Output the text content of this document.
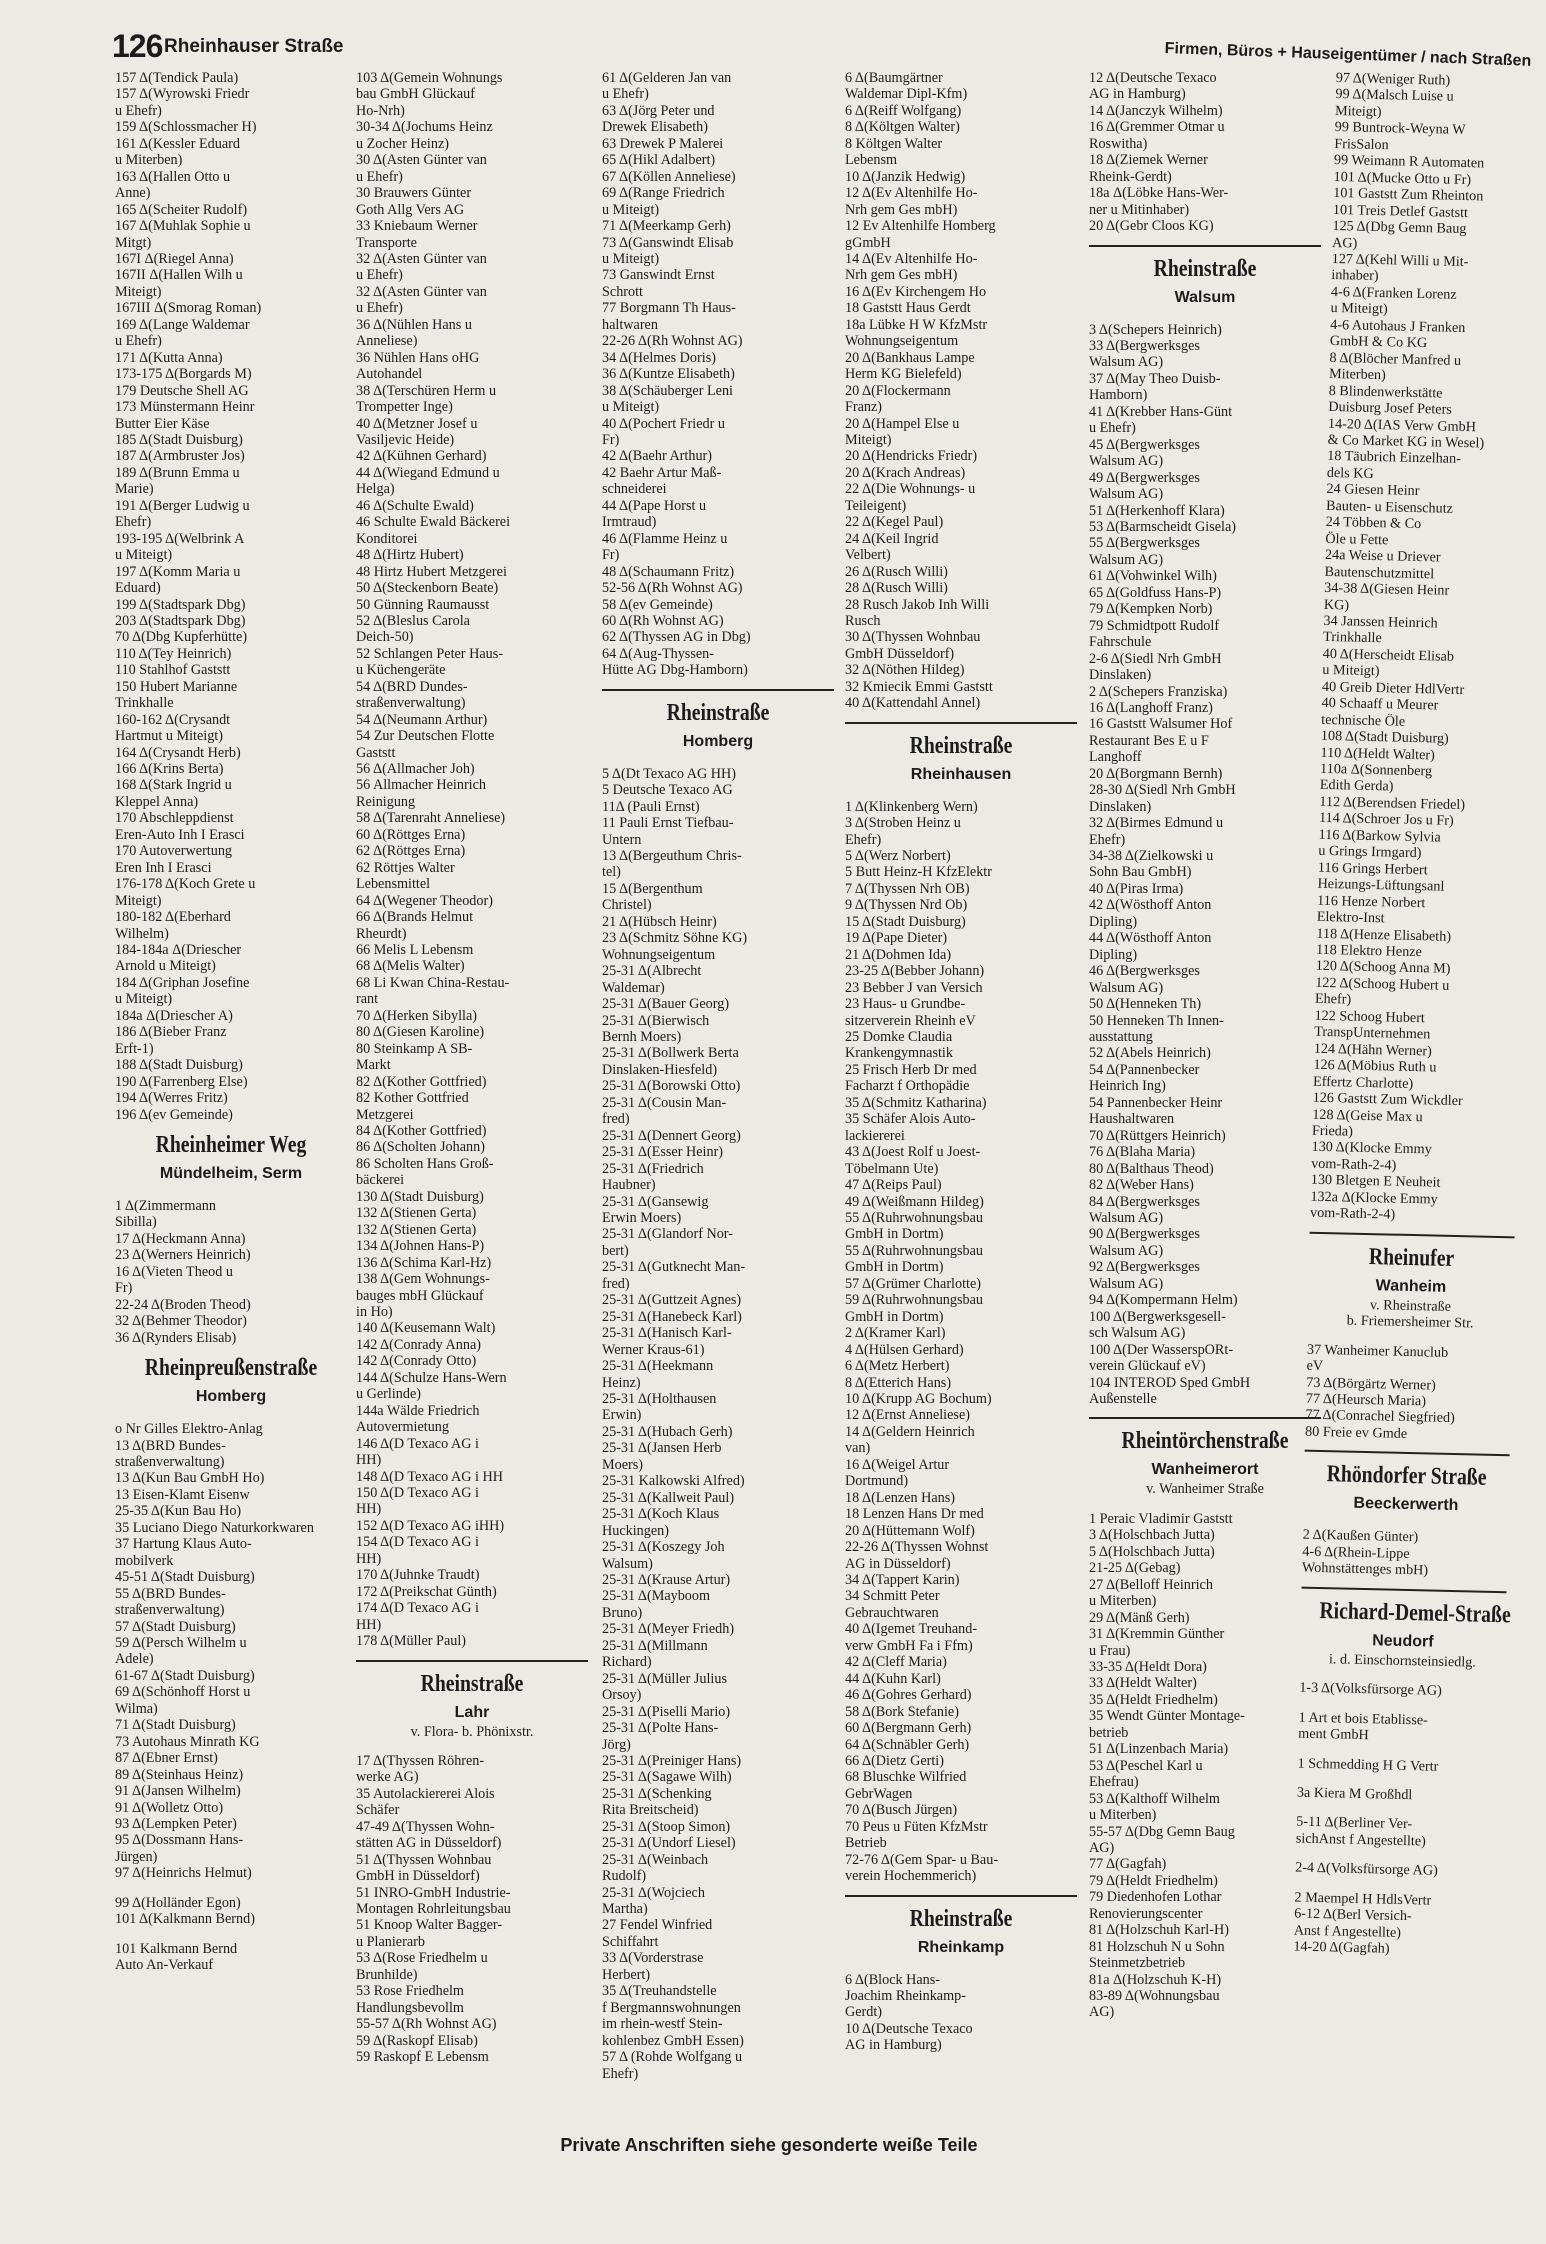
126 Rheinhauser Straße	Firmen, Büros + Hauseigentümer / nach Straßen
157 Δ(Tendick Paula)
157 Δ(Wyrowski Friedr
u Ehefr)
159 Δ(Schlossmacher H)
161 Δ(Kessler Eduard
u Miterben)
163 Δ(Hallen Otto u
Anne)
165 Δ(Scheiter Rudolf)
167 Δ(Muhlak Sophie u
Mitgt)
167I Δ(Riegel Anna)
167II Δ(Hallen Wilh u
Miteigt)
167III Δ(Smorag Roman)
169 Δ(Lange Waldemar
u Ehefr)
171 Δ(Kutta Anna)
173-175 Δ(Borgards M)
179 Deutsche Shell AG
173 Münstermann Heinr
Butter Eier Käse
185 Δ(Stadt Duisburg)
187 Δ(Armbruster Jos)
189 Δ(Brunn Emma u
Marie)
191 Δ(Berger Ludwig u
Ehefr)
193-195 Δ(Welbrink A
u Miteigt)
197 Δ(Komm Maria u
Eduard)
199 Δ(Stadtspark Dbg)
203 Δ(Stadtspark Dbg)
70 Δ(Dbg Kupferhütte)
110 Δ(Tey Heinrich)
110 Stahlhof Gaststt
150 Hubert Marianne
Trinkhalle
160-162 Δ(Crysandt
Hartmut u Miteigt)
164 Δ(Crysandt Herb)
166 Δ(Krins Berta)
168 Δ(Stark Ingrid u
Kleppel Anna)
170 Abschleppdienst
Eren-Auto Inh I Erasci
170 Autoverwertung
Eren Inh I Erasci
176-178 Δ(Koch Grete u
Miteigt)
180-182 Δ(Eberhard
Wilhelm)
184-184a Δ(Driescher
Arnold u Miteigt)
184 Δ(Griphan Josefine
u Miteigt)
184a Δ(Driescher A)
186 Δ(Bieber Franz
Erft-1)
188 Δ(Stadt Duisburg)
190 Δ(Farrenberg Else)
194 Δ(Werres Fritz)
196 Δ(ev Gemeinde)
Rheinheimer Weg
Mündelheim, Serm
1 Δ(Zimmermann
Sibilla)
17 Δ(Heckmann Anna)
23 Δ(Werners Heinrich)
16 Δ(Vieten Theod u
Fr)
22-24 Δ(Broden Theod)
32 Δ(Behmer Theodor)
36 Δ(Rynders Elisab)
Rheinpreußenstraße
Homberg
o Nr Gilles Elektro-Anlag
13 Δ(BRD Bundes-
straßenverwaltung)
13 Δ(Kun Bau GmbH Ho)
13 Eisen-Klamt Eisenw
25-35 Δ(Kun Bau Ho)
35 Luciano Diego Naturkorkwaren
37 Hartung Klaus Auto-
mobilverk
45-51 Δ(Stadt Duisburg)
55 Δ(BRD Bundes-
straßenverwaltung)
57 Δ(Stadt Duisburg)
59 Δ(Persch Wilhelm u
Adele)
61-67 Δ(Stadt Duisburg)
69 Δ(Schönhoff Horst u
Wilma)
71 Δ(Stadt Duisburg)
73 Autohaus Minrath KG
87 Δ(Ebner Ernst)
89 Δ(Steinhaus Heinz)
91 Δ(Jansen Wilhelm)
91 Δ(Wolletz Otto)
93 Δ(Lempken Peter)
95 Δ(Dossmann Hans-
Jürgen)
97 Δ(Heinrichs Helmut)
99 Δ(Holländer Egon)
101 Δ(Kalkmann Bernd)
101 Kalkmann Bernd
Auto An-Verkauf
103 Δ(Gemein Wohnungs
bau GmbH Glückauf
Ho-Nrh)
30-34 Δ(Jochums Heinz
u Zocher Heinz)
30 Δ(Asten Günter van
u Ehefr)
30 Brauwers Günter
Goth Allg Vers AG
33 Kniebaum Werner
Transporte
32 Δ(Asten Günter van
u Ehefr)
32 Δ(Asten Günter van
u Ehefr)
36 Δ(Nühlen Hans u
Anneliese)
36 Nühlen Hans oHG
Autohandel
38 Δ(Terschüren Herm u
Trompetter Inge)
40 Δ(Metzner Josef u
Vasiljevic Heide)
42 Δ(Kühnen Gerhard)
44 Δ(Wiegand Edmund u
Helga)
46 Δ(Schulte Ewald)
46 Schulte Ewald Bäckerei
Konditorei
48 Δ(Hirtz Hubert)
48 Hirtz Hubert Metzgerei
50 Δ(Steckenborn Beate)
50 Günning Raumausst
52 Δ(Bleslus Carola
Deich-50)
52 Schlangen Peter Haus-
u Küchengeräte
54 Δ(BRD Dundes-
straßenverwaltung)
54 Δ(Neumann Arthur)
54 Zur Deutschen Flotte
Gaststt
56 Δ(Allmacher Joh)
56 Allmacher Heinrich
Reinigung
58 Δ(Tarenraht Anneliese)
60 Δ(Röttges Erna)
62 Δ(Röttges Erna)
62 Röttjes Walter
Lebensmittel
64 Δ(Wegener Theodor)
66 Δ(Brands Helmut
Rheurdt)
66 Melis L Lebensm
68 Δ(Melis Walter)
68 Li Kwan China-Restau-
rant
70 Δ(Herken Sibylla)
80 Δ(Giesen Karoline)
80 Steinkamp A SB-
Markt
82 Δ(Kother Gottfried)
82 Kother Gottfried
Metzgerei
84 Δ(Kother Gottfried)
86 Δ(Scholten Johann)
86 Scholten Hans Groß-
bäckerei
130 Δ(Stadt Duisburg)
132 Δ(Stienen Gerta)
132 Δ(Stienen Gerta)
134 Δ(Johnen Hans-P)
136 Δ(Schima Karl-Hz)
138 Δ(Gem Wohnungs-
bauges mbH Glückauf
in Ho)
140 Δ(Keusemann Walt)
142 Δ(Conrady Anna)
142 Δ(Conrady Otto)
144 Δ(Schulze Hans-Wern
u Gerlinde)
144a Wälde Friedrich
Autovermietung
146 Δ(D Texaco AG i
HH)
148 Δ(D Texaco AG i HH
150 Δ(D Texaco AG i
HH)
152 Δ(D Texaco AG iHH)
154 Δ(D Texaco AG i
HH)
170 Δ(Juhnke Traudt)
172 Δ(Preikschat Günth)
174 Δ(D Texaco AG i
HH)
178 Δ(Müller Paul)
Rheinstraße
Lahr
v. Flora- b. Phönixstr.
17 Δ(Thyssen Röhren-
werke AG)
35 Autolackiererei Alois
Schäfer
47-49 Δ(Thyssen Wohn-
stätten AG in Düsseldorf)
51 Δ(Thyssen Wohnbau
GmbH in Düsseldorf)
51 INRO-GmbH Industrie-
Montagen Rohrleitungsbau
51 Knoop Walter Bagger-
u Planierarb
53 Δ(Rose Friedhelm u
Brunhilde)
53 Rose Friedhelm
Handlungsbevollm
55-57 Δ(Rh Wohnst AG)
59 Δ(Raskopf Elisab)
59 Raskopf E Lebensm
61 Δ(Gelderen Jan van
u Ehefr)
63 Δ(Jörg Peter und
Drewek Elisabeth)
63 Drewek P Malerei
65 Δ(Hikl Adalbert)
67 Δ(Köllen Anneliese)
69 Δ(Range Friedrich
u Miteigt)
71 Δ(Meerkamp Gerh)
73 Δ(Ganswindt Elisab
u Miteigt)
73 Ganswindt Ernst
Schrott
77 Borgmann Th Haus-
haltwaren
22-26 Δ(Rh Wohnst AG)
34 Δ(Helmes Doris)
36 Δ(Kuntze Elisabeth)
38 Δ(Schäuberger Leni
u Miteigt)
40 Δ(Pochert Friedr u
Fr)
42 Δ(Baehr Arthur)
42 Baehr Artur Maß-
schneiderei
44 Δ(Pape Horst u
Irmtraud)
46 Δ(Flamme Heinz u
Fr)
48 Δ(Schaumann Fritz)
52-56 Δ(Rh Wohnst AG)
58 Δ(ev Gemeinde)
60 Δ(Rh Wohnst AG)
62 Δ(Thyssen AG in Dbg)
64 Δ(Aug-Thyssen-
Hütte AG Dbg-Hamborn)
Rheinstraße
Homberg
5 Δ(Dt Texaco AG HH)
5 Deutsche Texaco AG
11Δ (Pauli Ernst)
11 Pauli Ernst Tiefbau-
Untern
13 Δ(Bergeuthum Chris-
tel)
15 Δ(Bergenthum
Christel)
21 Δ(Hübsch Heinr)
23 Δ(Schmitz Söhne KG)
Wohnungseigentum
25-31 Δ(Albrecht
Waldemar)
25-31 Δ(Bauer Georg)
25-31 Δ(Bierwisch
Bernh Moers)
25-31 Δ(Bollwerk Berta
Dinslaken-Hiesfeld)
25-31 Δ(Borowski Otto)
25-31 Δ(Cousin Man-
fred)
25-31 Δ(Dennert Georg)
25-31 Δ(Esser Heinr)
25-31 Δ(Friedrich
Haubner)
25-31 Δ(Gansewig
Erwin Moers)
25-31 Δ(Glandorf Nor-
bert)
25-31 Δ(Gutknecht Man-
fred)
25-31 Δ(Guttzeit Agnes)
25-31 Δ(Hanebeck Karl)
25-31 Δ(Hanisch Karl-
Werner Kraus-61)
25-31 Δ(Heekmann
Heinz)
25-31 Δ(Holthausen
Erwin)
25-31 Δ(Hubach Gerh)
25-31 Δ(Jansen Herb
Moers)
25-31 Kalkowski Alfred)
25-31 Δ(Kallweit Paul)
25-31 Δ(Koch Klaus
Huckingen)
25-31 Δ(Koszegy Joh
Walsum)
25-31 Δ(Krause Artur)
25-31 Δ(Mayboom
Bruno)
25-31 Δ(Meyer Friedh)
25-31 Δ(Millmann
Richard)
25-31 Δ(Müller Julius
Orsoy)
25-31 Δ(Piselli Mario)
25-31 Δ(Polte Hans-
Jörg)
25-31 Δ(Preiniger Hans)
25-31 Δ(Sagawe Wilh)
25-31 Δ(Schenking
Rita Breitscheid)
25-31 Δ(Stoop Simon)
25-31 Δ(Undorf Liesel)
25-31 Δ(Weinbach
Rudolf)
25-31 Δ(Wojciech
Martha)
27 Fendel Winfried
Schiffahrt
33 Δ(Vorderstrase
Herbert)
35 Δ(Treuhandstelle
f Bergmannswohnungen
im rhein-westf Stein-
kohlenbez GmbH Essen)
57 Δ (Rohde Wolfgang u
Ehefr)
6 Δ(Baumgärtner
Waldemar Dipl-Kfm)
6 Δ(Reiff Wolfgang)
8 Δ(Költgen Walter)
8 Költgen Walter
Lebensm
10 Δ(Janzik Hedwig)
12 Δ(Ev Altenhilfe Ho-
Nrh gem Ges mbH)
12 Ev Altenhilfe Homberg
gGmbH
14 Δ(Ev Altenhilfe Ho-
Nrh gem Ges mbH)
16 Δ(Ev Kirchengem Ho
18 Gaststt Haus Gerdt
18a Lübke H W KfzMstr
Wohnungseigentum
20 Δ(Bankhaus Lampe
Herm KG Bielefeld)
20 Δ(Flockermann
Franz)
20 Δ(Hampel Else u
Miteigt)
20 Δ(Hendricks Friedr)
20 Δ(Krach Andreas)
22 Δ(Die Wohnungs- u
Teileigent)
22 Δ(Kegel Paul)
24 Δ(Keil Ingrid
Velbert)
26 Δ(Rusch Willi)
28 Δ(Rusch Willi)
28 Rusch Jakob Inh Willi
Rusch
30 Δ(Thyssen Wohnbau
GmbH Düsseldorf)
32 Δ(Nöthen Hildeg)
32 Kmiecik Emmi Gaststt
40 Δ(Kattendahl Annel)
Rheinstraße
Rheinhausen
1 Δ(Klinkenberg Wern)
3 Δ(Stroben Heinz u
Ehefr)
5 Δ(Werz Norbert)
5 Butt Heinz-H KfzElektr
7 Δ(Thyssen Nrh OB)
9 Δ(Thyssen Nrd Ob)
15 Δ(Stadt Duisburg)
19 Δ(Pape Dieter)
21 Δ(Dohmen Ida)
23-25 Δ(Bebber Johann)
23 Bebber J van Versich
23 Haus- u Grundbe-
sitzerverein Rheinh eV
25 Domke Claudia
Krankengymnastik
25 Frisch Herb Dr med
Facharzt f Orthopädie
35 Δ(Schmitz Katharina)
35 Schäfer Alois Auto-
lackiererei
43 Δ(Joest Rolf u Joest-
Töbelmann Ute)
47 Δ(Reips Paul)
49 Δ(Weißmann Hildeg)
55 Δ(Ruhrwohnungsbau
GmbH in Dortm)
55 Δ(Ruhrwohnungsbau
GmbH in Dortm)
57 Δ(Grümer Charlotte)
59 Δ(Ruhrwohnungsbau
GmbH in Dortm)
2 Δ(Kramer Karl)
4 Δ(Hülsen Gerhard)
6 Δ(Metz Herbert)
8 Δ(Etterich Hans)
10 Δ(Krupp AG Bochum)
12 Δ(Ernst Anneliese)
14 Δ(Geldern Heinrich
van)
16 Δ(Weigel Artur
Dortmund)
18 Δ(Lenzen Hans)
18 Lenzen Hans Dr med
20 Δ(Hüttemann Wolf)
22-26 Δ(Thyssen Wohnst
AG in Düsseldorf)
34 Δ(Tappert Karin)
34 Schmitt Peter
Gebrauchtwaren
40 Δ(Igemet Treuhand-
verw GmbH Fa i Ffm)
42 Δ(Cleff Maria)
44 Δ(Kuhn Karl)
46 Δ(Gohres Gerhard)
58 Δ(Bork Stefanie)
60 Δ(Bergmann Gerh)
64 Δ(Schnäbler Gerh)
66 Δ(Dietz Gerti)
68 Bluschke Wilfried
GebrWagen
70 Δ(Busch Jürgen)
70 Peus u Füten KfzMstr
Betrieb
72-76 Δ(Gem Spar- u Bau-
verein Hochemmerich)
Rheinstraße
Rheinkamp
6 Δ(Block Hans-
Joachim Rheinkamp-
Gerdt)
10 Δ(Deutsche Texaco
AG in Hamburg)
12 Δ(Deutsche Texaco
AG in Hamburg)
14 Δ(Janczyk Wilhelm)
16 Δ(Gremmer Otmar u
Roswitha)
18 Δ(Ziemek Werner
Rheink-Gerdt)
18a Δ(Löbke Hans-Wer-
ner u Mitinhaber)
20 Δ(Gebr Cloos KG)
Rheinstraße
Walsum
3 Δ(Schepers Heinrich)
33 Δ(Bergwerksges
Walsum AG)
37 Δ(May Theo Duisb-
Hamborn)
41 Δ(Krebber Hans-Günt
u Ehefr)
45 Δ(Bergwerksges
Walsum AG)
49 Δ(Bergwerksges
Walsum AG)
51 Δ(Herkenhoff Klara)
53 Δ(Barmscheidt Gisela)
55 Δ(Bergwerksges
Walsum AG)
61 Δ(Vohwinkel Wilh)
65 Δ(Goldfuss Hans-P)
79 Δ(Kempken Norb)
79 Schmidtpott Rudolf
Fahrschule
2-6 Δ(Siedl Nrh GmbH
Dinslaken)
2 Δ(Schepers Franziska)
16 Δ(Langhoff Franz)
16 Gaststt Walsumer Hof
Restaurant Bes E u F
Langhoff
20 Δ(Borgmann Bernh)
28-30 Δ(Siedl Nrh GmbH
Dinslaken)
32 Δ(Birmes Edmund u
Ehefr)
34-38 Δ(Zielkowski u
Sohn Bau GmbH)
40 Δ(Piras Irma)
42 Δ(Wösthoff Anton
Dipling)
44 Δ(Wösthoff Anton
Dipling)
46 Δ(Bergwerksges
Walsum AG)
50 Δ(Henneken Th)
50 Henneken Th Innen-
ausstattung
52 Δ(Abels Heinrich)
54 Δ(Pannenbecker
Heinrich Ing)
54 Pannenbecker Heinr
Haushaltwaren
70 Δ(Rüttgers Heinrich)
76 Δ(Blaha Maria)
80 Δ(Balthaus Theod)
82 Δ(Weber Hans)
84 Δ(Bergwerksges
Walsum AG)
90 Δ(Bergwerksges
Walsum AG)
92 Δ(Bergwerksges
Walsum AG)
94 Δ(Kompermann Helm)
100 Δ(Bergwerksgesell-
sch Walsum AG)
100 Δ(Der WasserspORt-
verein Glückauf eV)
104 INTEROD Sped GmbH
Außenstelle
Rheintörchenstraße
Wanheimerort
v. Wanheimer Straße
1 Peraic Vladimir Gaststt
3 Δ(Holschbach Jutta)
5 Δ(Holschbach Jutta)
21-25 Δ(Gebag)
27 Δ(Belloff Heinrich
u Miterben)
29 Δ(Mänß Gerh)
31 Δ(Kremmin Günther
u Frau)
33-35 Δ(Heldt Dora)
33 Δ(Heldt Walter)
35 Δ(Heldt Friedhelm)
35 Wendt Günter Montage-
betrieb
51 Δ(Linzenbach Maria)
53 Δ(Peschel Karl u
Ehefrau)
53 Δ(Kalthoff Wilhelm
u Miterben)
55-57 Δ(Dbg Gemn Baug
AG)
77 Δ(Gagfah)
79 Δ(Heldt Friedhelm)
79 Diedenhofen Lothar
Renovierungscenter
81 Δ(Holzschuh Karl-H)
81 Holzschuh N u Sohn
Steinmetzbetrieb
81a Δ(Holzschuh K-H)
83-89 Δ(Wohnungsbau
AG)
97 Δ(Weniger Ruth)
99 Δ(Malsch Luise u
Miteigt)
99 Buntrock-Weyna W
FrisSalon
99 Weimann R Automaten
101 Δ(Mucke Otto u Fr)
101 Gaststt Zum Rheinton
101 Treis Detlef Gaststt
125 Δ(Dbg Gemn Baug
AG)
127 Δ(Kehl Willi u Mit-
inhaber)
4-6 Δ(Franken Lorenz
u Miteigt)
4-6 Autohaus J Franken
GmbH & Co KG
8 Δ(Blöcher Manfred u
Miterben)
8 Blindenwerkstätte
Duisburg Josef Peters
14-20 Δ(IAS Verw GmbH
& Co Market KG in Wesel)
18 Täubrich Einzelhan-
dels KG
24 Giesen Heinr
Bauten- u Eisenschutz
24 Többen & Co
Öle u Fette
24a Weise u Driever
Bautenschutzmittel
34-38 Δ(Giesen Heinr
KG)
34 Janssen Heinrich
Trinkhalle
40 Δ(Herscheidt Elisab
u Miteigt)
40 Greib Dieter HdlVertr
40 Schaaff u Meurer
technische Öle
108 Δ(Stadt Duisburg)
110 Δ(Heldt Walter)
110a Δ(Sonnenberg
Edith Gerda)
112 Δ(Berendsen Friedel)
114 Δ(Schroer Jos u Fr)
116 Δ(Barkow Sylvia
u Grings Irmgard)
116 Grings Herbert
Heizungs-Lüftungsanl
116 Henze Norbert
Elektro-Inst
118 Δ(Henze Elisabeth)
118 Elektro Henze
120 Δ(Schoog Anna M)
122 Δ(Schoog Hubert u
Ehefr)
122 Schoog Hubert
TranspUnternehmen
124 Δ(Hähn Werner)
126 Δ(Möbius Ruth u
Effertz Charlotte)
126 Gaststt Zum Wickdler
128 Δ(Geise Max u
Frieda)
130 Δ(Klocke Emmy
vom-Rath-2-4)
130 Bletgen E Neuheit
132a Δ(Klocke Emmy
vom-Rath-2-4)
Rheinufer
Wanheim
v. Rheinstraße
b. Friemersheimer Str.
37 Wanheimer Kanuclub
eV
73 Δ(Börgärtz Werner)
77 Δ(Heursch Maria)
77 Δ(Conrachel Siegfried)
80 Freie ev Gmde
Rhöndorfer Straße
Beeckerwerth
2 Δ(Kaußen Günter)
4-6 Δ(Rhein-Lippe
Wohnstättenges mbH)
Richard-Demel-Straße
Neudorf
i. d. Einschornsteinsiedlg.
1-3 Δ(Volksfürsorge AG)
1 Art et bois Etablisse-
ment GmbH
1 Schmedding H G Vertr
3a Kiera M Großhdl
5-11 Δ(Berliner Ver-
sichAnst f Angestellte)
2-4 Δ(Volksfürsorge AG)
2 Maempel H HdlsVertr
6-12 Δ(Berl Versich-
Anst f Angestellte)
14-20 Δ(Gagfah)
Private Anschriften siehe gesonderte weiße Teile
